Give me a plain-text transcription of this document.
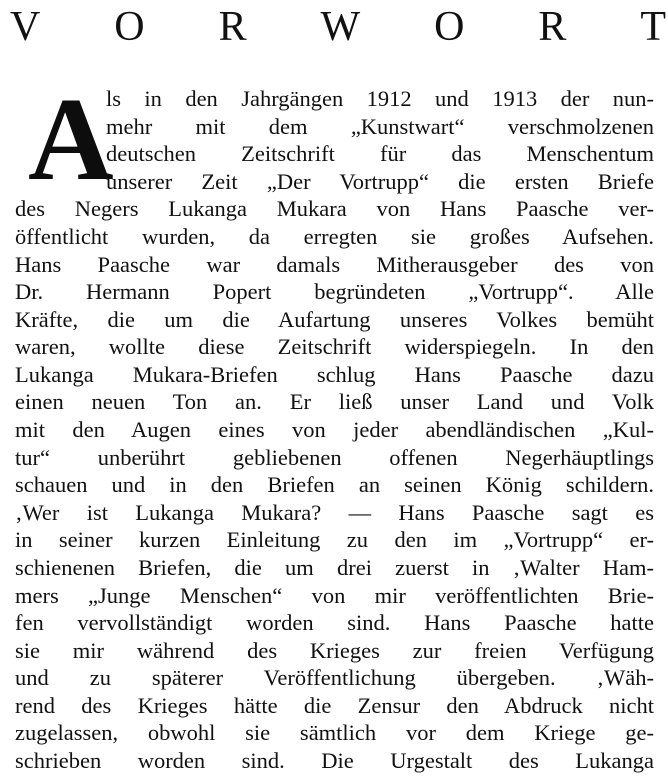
V O R W O R T
A
ls in den Jahrgängen 1912 und 1913 der nun-
mehr mit dem „Kunstwart“ verschmolzenen
deutschen Zeitschrift für das Menschentum
unserer Zeit „Der Vortrupp“ die ersten Briefe
des Negers Lukanga Mukara von Hans Paasche ver-
öffentlicht wurden, da erregten sie großes Aufsehen.
Hans Paasche war damals Mitherausgeber des von
Dr. Hermann Popert begründeten „Vortrupp“. Alle
Kräfte, die um die Aufartung unseres Volkes bemüht
waren, wollte diese Zeitschrift widerspiegeln. In den
Lukanga Mukara-Briefen schlug Hans Paasche dazu
einen neuen Ton an. Er ließ unser Land und Volk
mit den Augen eines von jeder abendländischen „Kul-
tur“ unberührt gebliebenen offenen Negerhäuptlings
schauen und in den Briefen an seinen König schildern.
‚Wer ist Lukanga Mukara? — Hans Paasche sagt es
in seiner kurzen Einleitung zu den im „Vortrupp“ er-
schienenen Briefen, die um drei zuerst in ‚Walter Ham-
mers „Junge Menschen“ von mir veröffentlichten Brie-
fen vervollständigt worden sind. Hans Paasche hatte
sie mir während des Krieges zur freien Verfügung
und zu späterer Veröffentlichung übergeben. ‚Wäh-
rend des Krieges hätte die Zensur den Abdruck nicht
zugelassen, obwohl sie sämtlich vor dem Kriege ge-
schrieben worden sind. Die Urgestalt des Lukanga
